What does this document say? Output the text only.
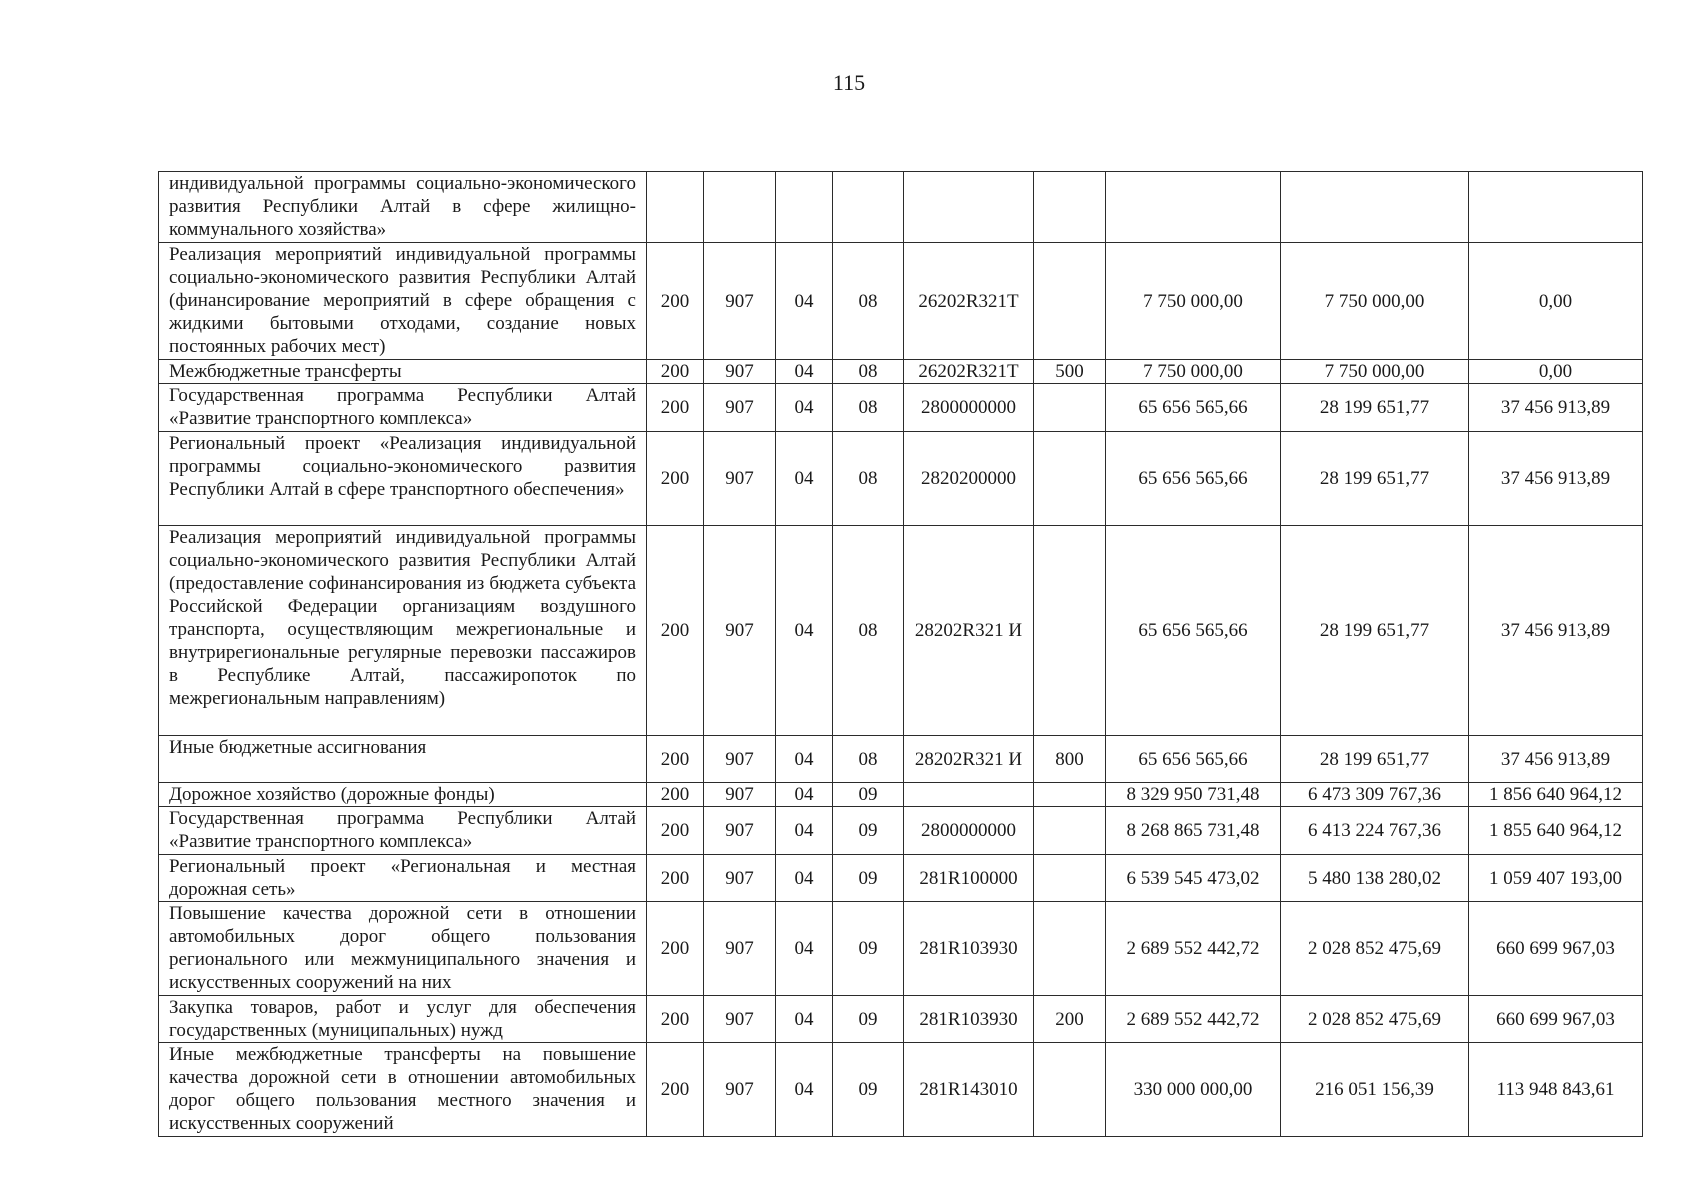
115
индивидуальной программы социально-экономического развития Республики Алтай в сфере жилищно-коммунального хозяйства»									
Реализация мероприятий индивидуальной программы социально-экономического развития Республики Алтай (финансирование мероприятий в сфере обращения с жидкими бытовыми отходами, создание новых постоянных рабочих мест)	200	907	04	08	26202R321Т		7 750 000,00	7 750 000,00	0,00
Межбюджетные трансферты	200	907	04	08	26202R321Т	500	7 750 000,00	7 750 000,00	0,00
Государственная программа Республики Алтай «Развитие транспортного комплекса»	200	907	04	08	2800000000		65 656 565,66	28 199 651,77	37 456 913,89
Региональный проект «Реализация индивидуальной программы социально-экономического развития Республики Алтай в сфере транспортного обеспечения»	200	907	04	08	2820200000		65 656 565,66	28 199 651,77	37 456 913,89
Реализация мероприятий индивидуальной программы социально-экономического развития Республики Алтай (предоставление софинансирования из бюджета субъекта Российской Федерации организациям воздушного транспорта, осуществляющим межрегиональные и внутрирегиональные регулярные перевозки пассажиров в Республике Алтай, пассажиропоток по межрегиональным направлениям)	200	907	04	08	28202R321 И		65 656 565,66	28 199 651,77	37 456 913,89
Иные бюджетные ассигнования	200	907	04	08	28202R321 И	800	65 656 565,66	28 199 651,77	37 456 913,89
Дорожное хозяйство (дорожные фонды)	200	907	04	09			8 329 950 731,48	6 473 309 767,36	1 856 640 964,12
Государственная программа Республики Алтай «Развитие транспортного комплекса»	200	907	04	09	2800000000		8 268 865 731,48	6 413 224 767,36	1 855 640 964,12
Региональный проект «Региональная и местная дорожная сеть»	200	907	04	09	281R100000		6 539 545 473,02	5 480 138 280,02	1 059 407 193,00
Повышение качества дорожной сети в отношении автомобильных дорог общего пользования регионального или межмуниципального значения и искусственных сооружений на них	200	907	04	09	281R103930		2 689 552 442,72	2 028 852 475,69	660 699 967,03
Закупка товаров, работ и услуг для обеспечения государственных (муниципальных) нужд	200	907	04	09	281R103930	200	2 689 552 442,72	2 028 852 475,69	660 699 967,03
Иные межбюджетные трансферты на повышение качества дорожной сети в отношении автомобильных дорог общего пользования местного значения и искусственных сооружений	200	907	04	09	281R143010		330 000 000,00	216 051 156,39	113 948 843,61
